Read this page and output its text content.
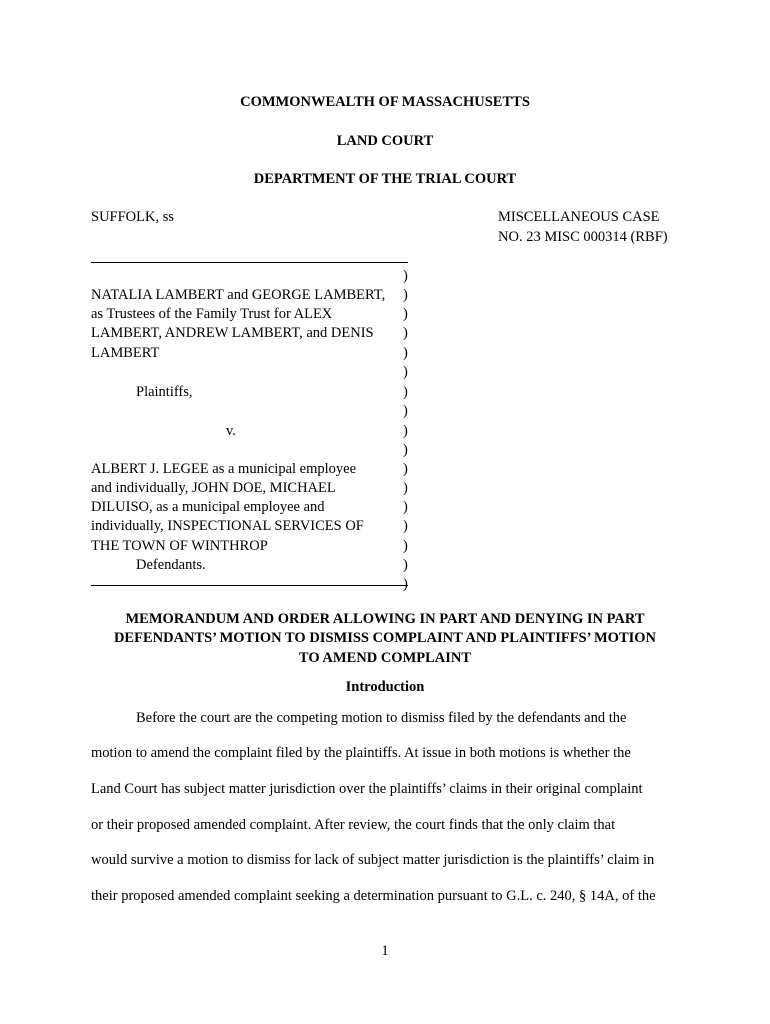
COMMONWEALTH OF MASSACHUSETTS
LAND COURT
DEPARTMENT OF THE TRIAL COURT
SUFFOLK, ss	MISCELLANEOUS CASE
NO. 23 MISC 000314 (RBF)
NATALIA LAMBERT and GEORGE LAMBERT,
as Trustees of the Family Trust for ALEX
LAMBERT, ANDREW LAMBERT, and DENIS
LAMBERT
Plaintiffs,
v.
ALBERT J. LEGEE as a municipal employee
and individually, JOHN DOE, MICHAEL
DILUISO, as a municipal employee and
individually, INSPECTIONAL SERVICES OF
THE TOWN OF WINTHROP
Defendants.
)
)
)
)
)
)
)
)
)
)
)
)
)
)
)
)
)
MEMORANDUM AND ORDER ALLOWING IN PART AND DENYING IN PART
DEFENDANTS’ MOTION TO DISMISS COMPLAINT AND PLAINTIFFS’ MOTION
TO AMEND COMPLAINT
Introduction
Before the court are the competing motion to dismiss filed by the defendants and the
motion to amend the complaint filed by the plaintiffs. At issue in both motions is whether the
Land Court has subject matter jurisdiction over the plaintiffs’ claims in their original complaint
or their proposed amended complaint. After review, the court finds that the only claim that
would survive a motion to dismiss for lack of subject matter jurisdiction is the plaintiffs’ claim in
their proposed amended complaint seeking a determination pursuant to G.L. c. 240, § 14A, of the
1
